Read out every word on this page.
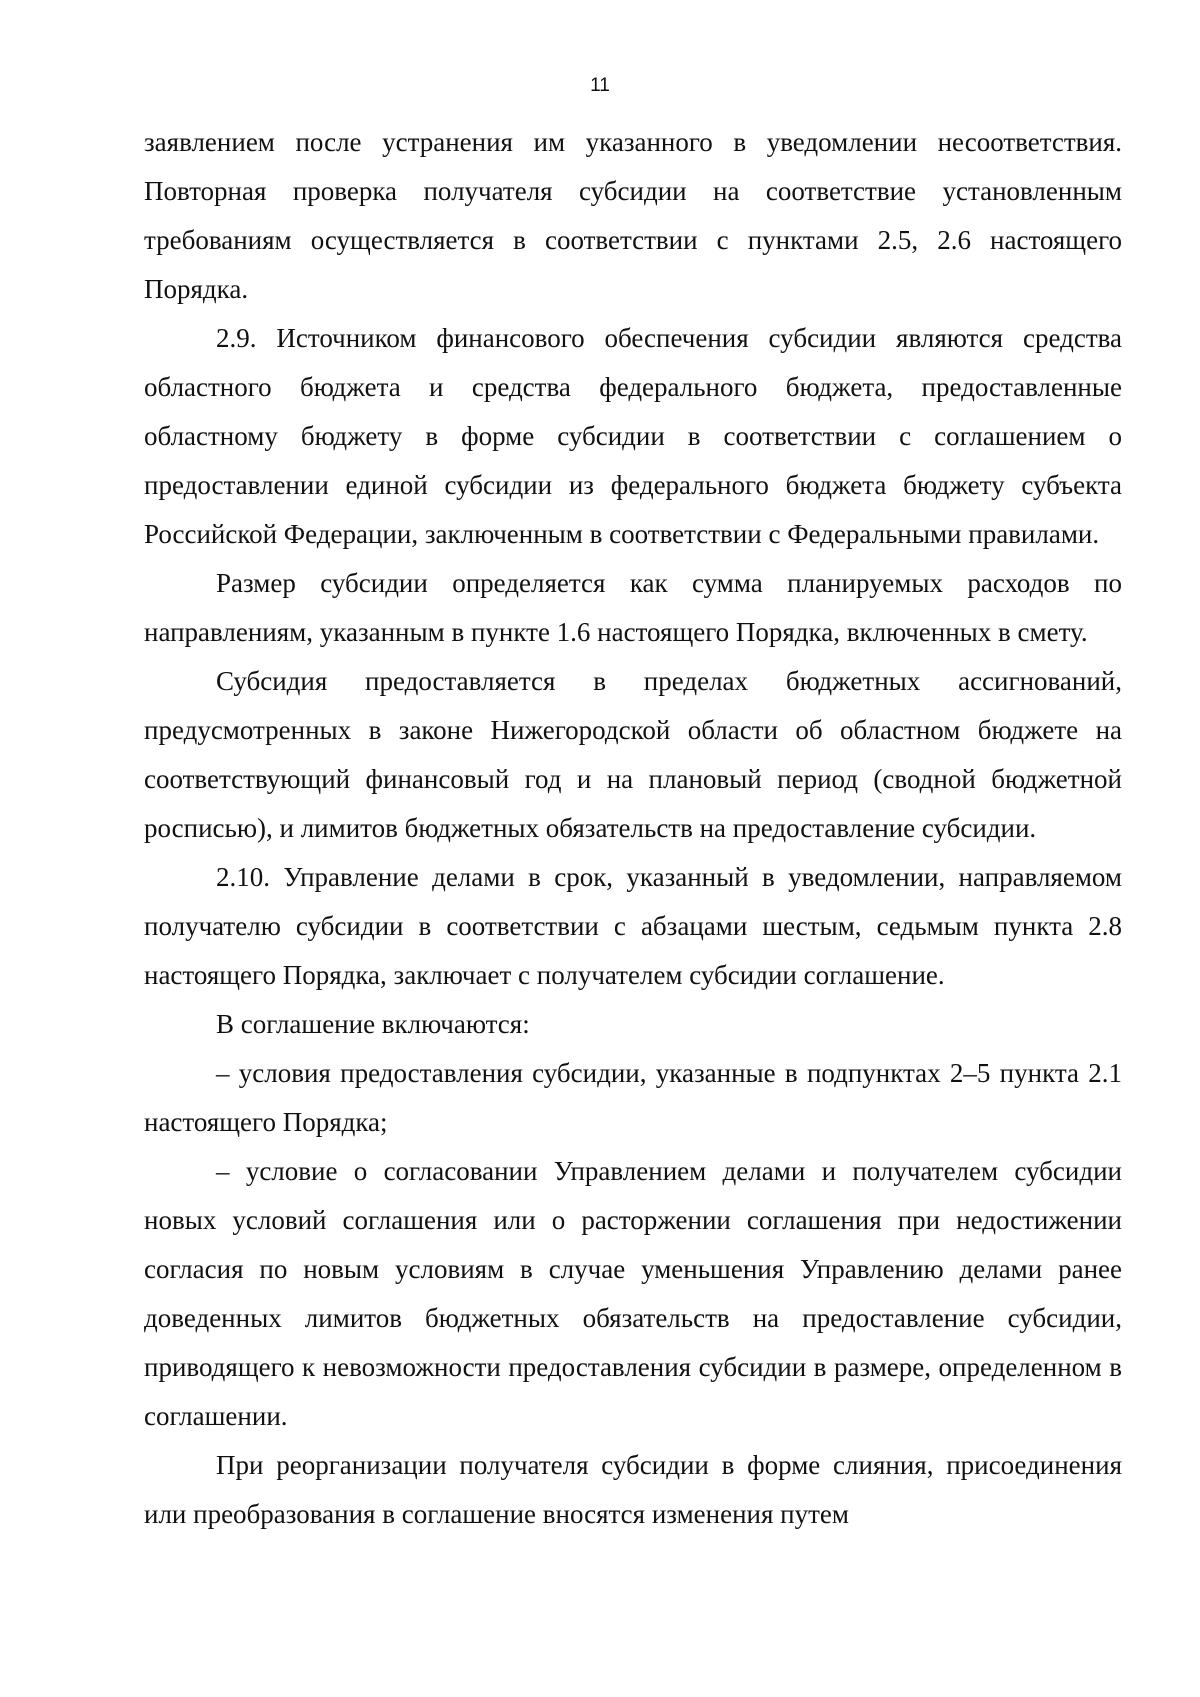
11

заявлением после устранения им указанного в уведомлении несоответствия. Повторная проверка получателя субсидии на соответствие установленным требованиям осуществляется в соответствии с пунктами 2.5, 2.6 настоящего Порядка.

2.9. Источником финансового обеспечения субсидии являются средства областного бюджета и средства федерального бюджета, предоставленные областному бюджету в форме субсидии в соответствии с соглашением о предоставлении единой субсидии из федерального бюджета бюджету субъекта Российской Федерации, заключенным в соответствии с Федеральными правилами.

Размер субсидии определяется как сумма планируемых расходов по направлениям, указанным в пункте 1.6 настоящего Порядка, включенных в смету.

Субсидия предоставляется в пределах бюджетных ассигнований, предусмотренных в законе Нижегородской области об областном бюджете на соответствующий финансовый год и на плановый период (сводной бюджетной росписью), и лимитов бюджетных обязательств на предоставление субсидии.

2.10. Управление делами в срок, указанный в уведомлении, направляемом получателю субсидии в соответствии с абзацами шестым, седьмым пункта 2.8 настоящего Порядка, заключает с получателем субсидии соглашение.

В соглашение включаются:

– условия предоставления субсидии, указанные в подпунктах 2–5 пункта 2.1 настоящего Порядка;

– условие о согласовании Управлением делами и получателем субсидии новых условий соглашения или о расторжении соглашения при недостижении согласия по новым условиям в случае уменьшения Управлению делами ранее доведенных лимитов бюджетных обязательств на предоставление субсидии, приводящего к невозможности предоставления субсидии в размере, определенном в соглашении.

При реорганизации получателя субсидии в форме слияния, присоединения или преобразования в соглашение вносятся изменения путем
